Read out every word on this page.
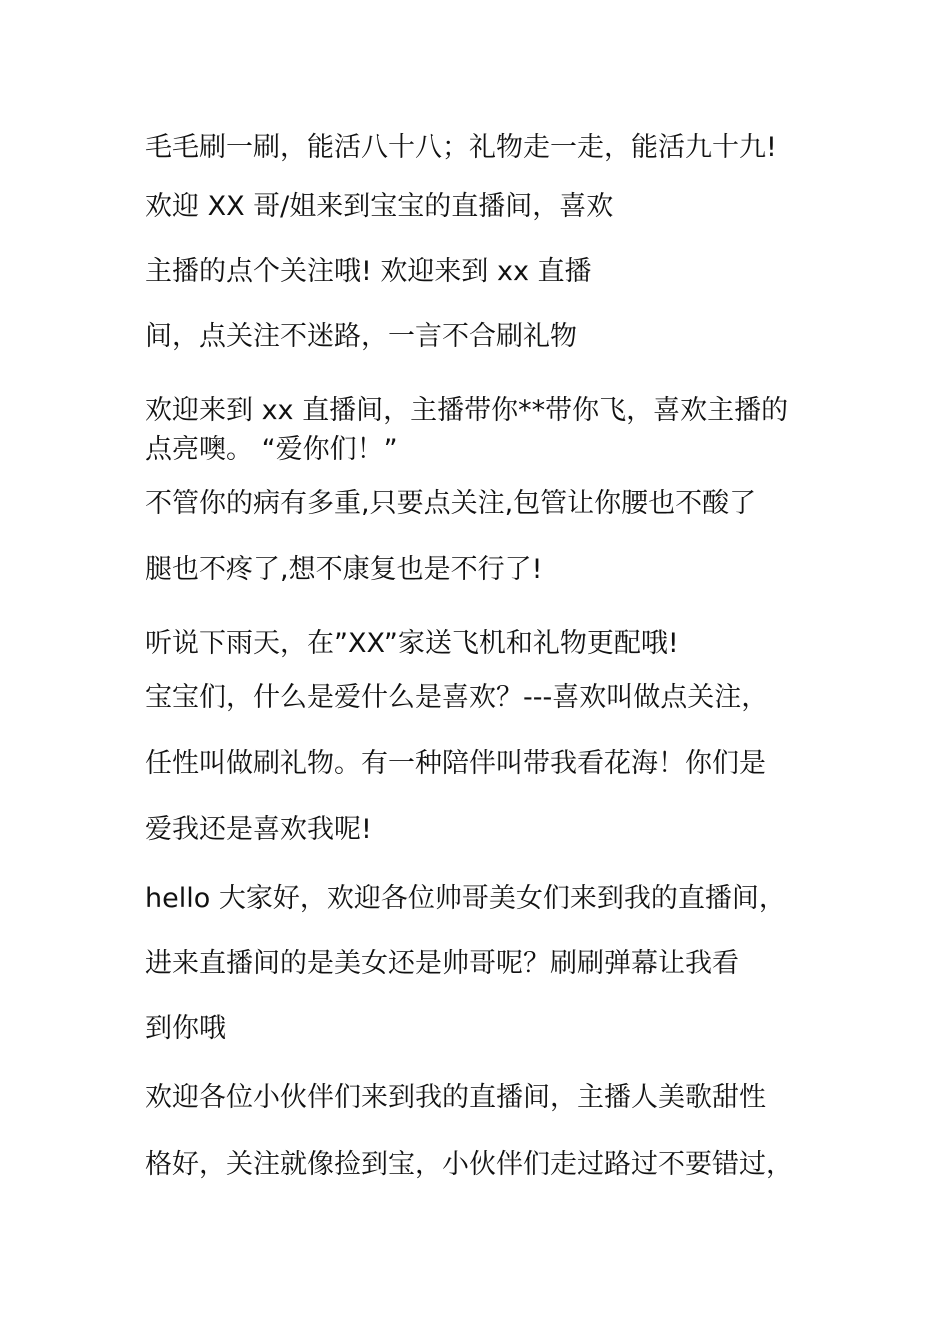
毛毛刷一刷，能活八十八；礼物走一走，能活九十九!
欢迎 XX 哥/姐来到宝宝的直播间，喜欢
主播的点个关注哦! 欢迎来到 xx 直播
间，点关注不迷路，一言不合刷礼物
欢迎来到 xx 直播间，主播带你**带你飞，喜欢主播的
点亮噢。 “爱你们！”
不管你的病有多重,只要点关注,包管让你腰也不酸了
腿也不疼了,想不康复也是不行了!
听说下雨天，在”XX”家送飞机和礼物更配哦!
宝宝们，什么是爱什么是喜欢？---喜欢叫做点关注，
任性叫做刷礼物。有一种陪伴叫带我看花海！你们是
爱我还是喜欢我呢!
hello 大家好，欢迎各位帅哥美女们来到我的直播间，
进来直播间的是美女还是帅哥呢？刷刷弹幕让我看
到你哦
欢迎各位小伙伴们来到我的直播间，主播人美歌甜性
格好，关注就像捡到宝，小伙伴们走过路过不要错过，
